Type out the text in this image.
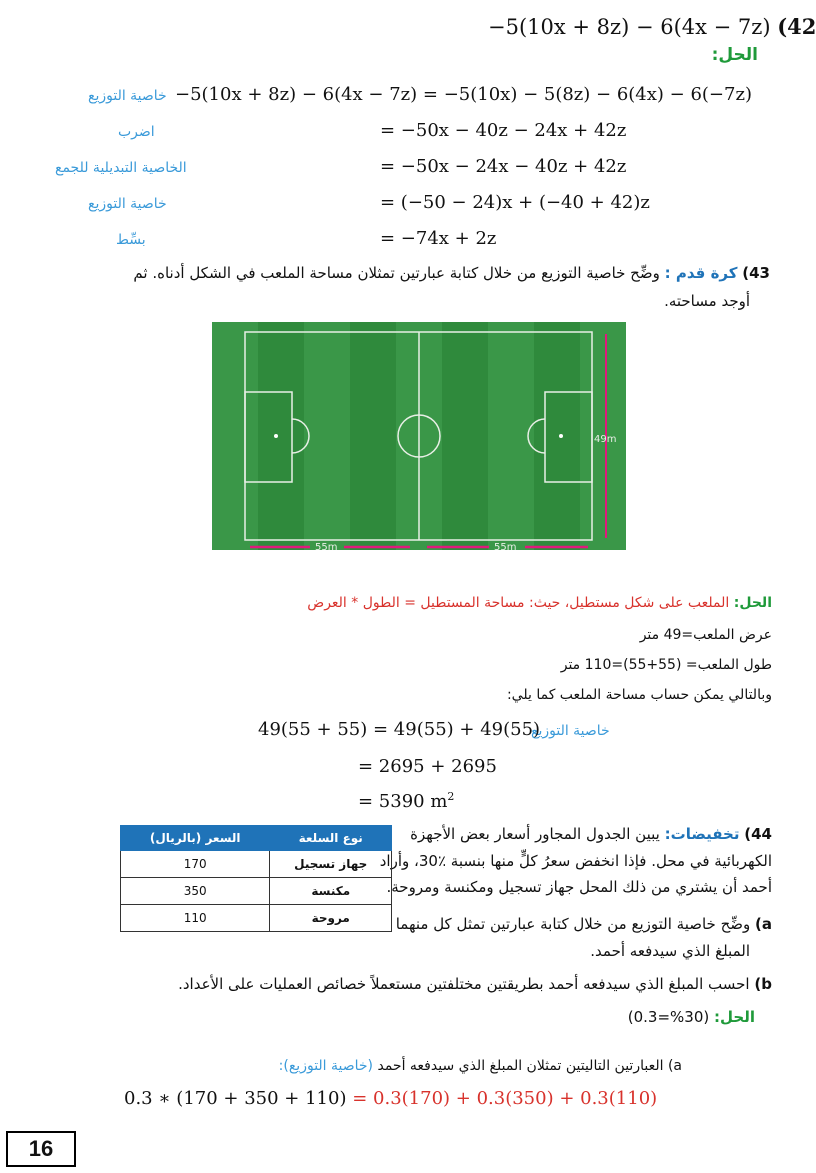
−5(10x + 8z) − 6(4x − 7z) (42
الحل:
خاصية التوزيع −5(10x + 8z) − 6(4x − 7z) = −5(10x) − 5(8z) − 6(4x) − 6(−7z)
اضرب	= −50x − 40z − 24x + 42z
الخاصية التبديلية للجمع	= −50x − 24x − 40z + 42z
خاصية التوزيع	= (−50 − 24)x + (−40 + 42)z
بسِّط	= −74x + 2z
43) كرة قدم : وضِّح خاصية التوزيع من خلال كتابة عبارتين تمثلان مساحة الملعب في الشكل أدناه. ثم
أوجد مساحته.
49m
55m	55m
الحل: الملعب على شكل مستطيل، حيث: مساحة المستطيل = الطول * العرض
عرض الملعب=49 متر
طول الملعب= (55+55)=110 متر
وبالتالي يمكن حساب مساحة الملعب كما يلي:
خاصية التوزيع
49(55 + 55) = 49(55) + 49(55)
= 2695 + 2695
= 5390 $m^2$
44) تخفيضات: يبين الجدول المجاور أسعار بعض الأجهزة
الكهربائية في محل. فإذا انخفض سعرُ كلٍّ منها بنسبة ٪30، وأراد
أحمد أن يشتري من ذلك المحل جهاز تسجيل ومكنسة ومروحة.
a) وضِّح خاصية التوزيع من خلال كتابة عبارتين تمثل كل منهما
المبلغ الذي سيدفعه أحمد.
b) احسب المبلغ الذي سيدفعه أحمد بطريقتين مختلفتين مستعملاً خصائص العمليات على الأعداد.
الحل: (30%=0.3)
السعر (بالريال)	نوع السلعة
170	جهاز تسجيل
350	مكنسة
110	مروحة
a) العبارتين التاليتين تمثلان المبلغ الذي سيدفعه أحمد (خاصية التوزيع):
0.3 ∗ (170 + 350 + 110) = 0.3(170) + 0.3(350) + 0.3(110)
16
